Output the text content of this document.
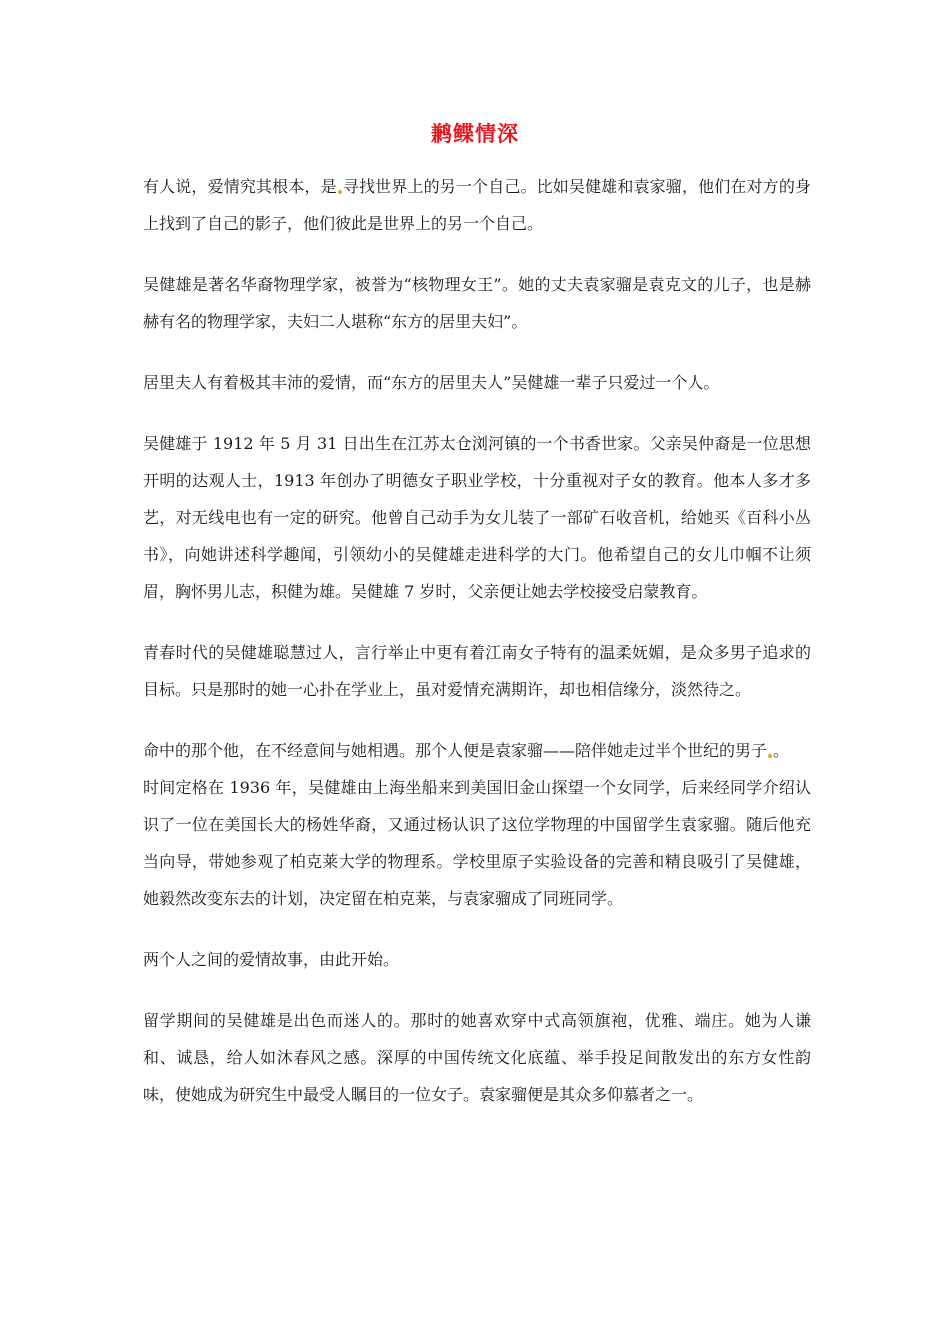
鹣鲽情深

有人说，爱情究其根本，是 寻找世界上的另一个自己。比如吴健雄和袁家骝，他们在对方的身上找到了自己的影子，他们彼此是世界上的另一个自己。

吴健雄是著名华裔物理学家，被誉为“核物理女王”。她的丈夫袁家骝是袁克文的儿子，也是赫赫有名的物理学家，夫妇二人堪称“东方的居里夫妇”。

居里夫人有着极其丰沛的爱情，而“东方的居里夫人”吴健雄一辈子只爱过一个人。

吴健雄于 1912 年 5 月 31 日出生在江苏太仓浏河镇的一个书香世家。父亲吴仲裔是一位思想开明的达观人士，1913 年创办了明德女子职业学校，十分重视对子女的教育。他本人多才多艺，对无线电也有一定的研究。他曾自己动手为女儿装了一部矿石收音机，给她买《百科小丛书》，向她讲述科学趣闻，引领幼小的吴健雄走进科学的大门。他希望自己的女儿巾帼不让须眉，胸怀男儿志，积健为雄。吴健雄 7 岁时，父亲便让她去学校接受启蒙教育。

青春时代的吴健雄聪慧过人，言行举止中更有着江南女子特有的温柔妩媚，是众多男子追求的目标。只是那时的她一心扑在学业上，虽对爱情充满期许，却也相信缘分，淡然待之。

命中的那个他，在不经意间与她相遇。那个人便是袁家骝——陪伴她走过半个世纪的男子 。

时间定格在 1936 年，吴健雄由上海坐船来到美国旧金山探望一个女同学，后来经同学介绍认识了一位在美国长大的杨姓华裔，又通过杨认识了这位学物理的中国留学生袁家骝。随后他充当向导，带她参观了柏克莱大学的物理系。学校里原子实验设备的完善和精良吸引了吴健雄，她毅然改变东去的计划，决定留在柏克莱，与袁家骝成了同班同学。

两个人之间的爱情故事，由此开始。

留学期间的吴健雄是出色而迷人的。那时的她喜欢穿中式高领旗袍，优雅、端庄。她为人谦和、诚恳，给人如沐春风之感。深厚的中国传统文化底蕴、举手投足间散发出的东方女性韵味，使她成为研究生中最受人瞩目的一位女子。袁家骝便是其众多仰慕者之一。
